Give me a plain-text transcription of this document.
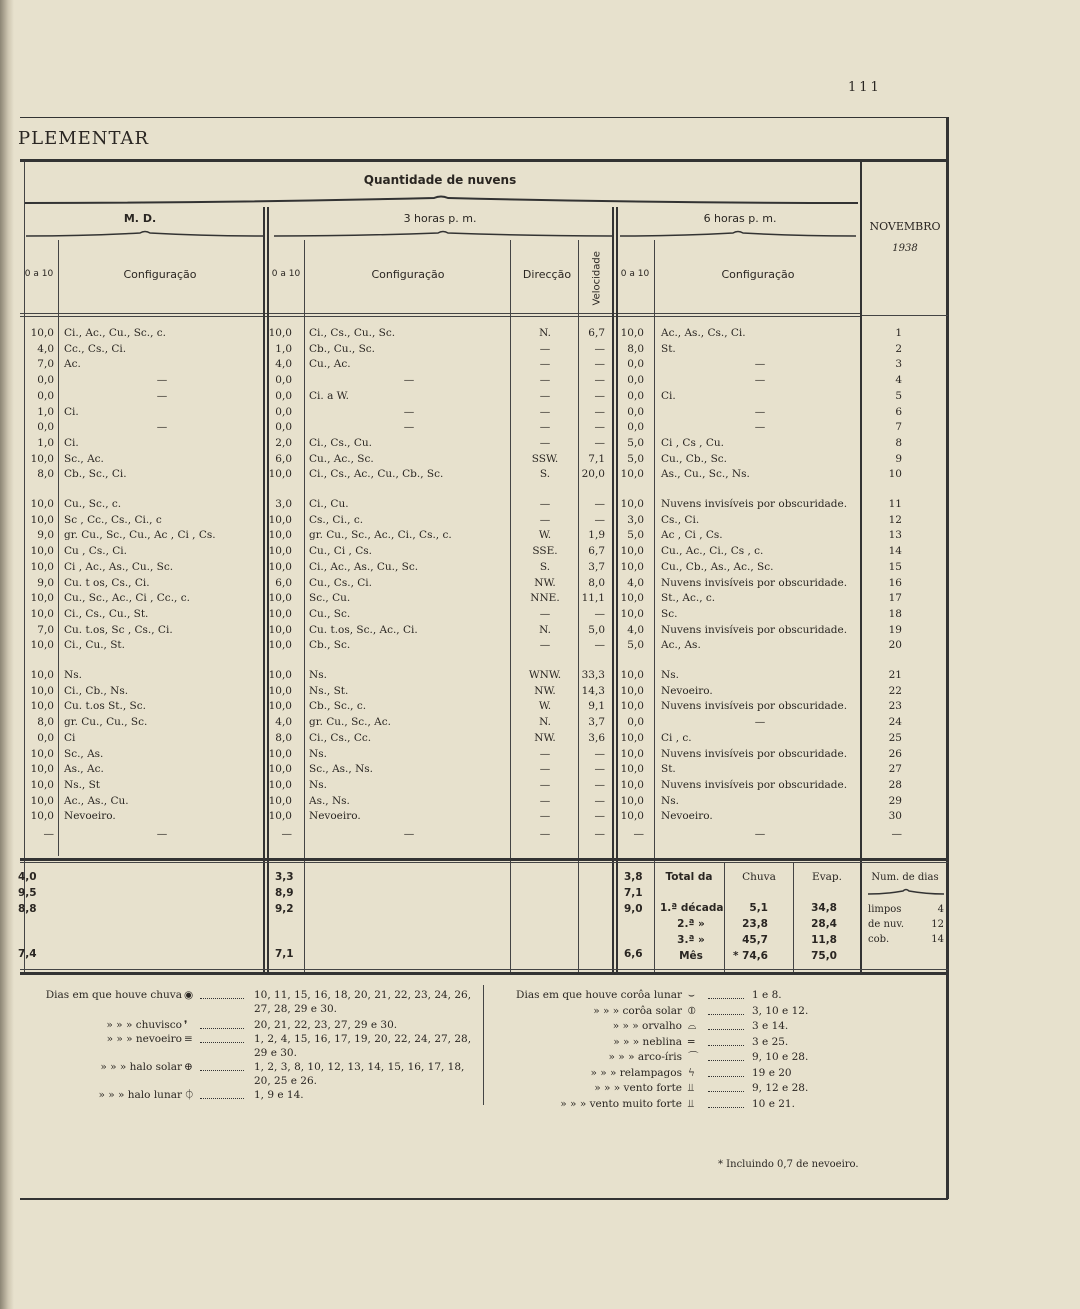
111
PLEMENTAR
Quantidade de nuvens
M. D.	3 horas p. m.	6 horas p. m.
0 a 10	Configuração	0 a 10	Configuração	Direcção	Velocidade	0 a 10	Configuração
NOVEMBRO
1938
10,0 Ci., Ac., Cu., Sc., c.	10,0 Ci., Cs., Cu., Sc.	N.	6,7	10,0 Ac., As., Cs., Ci.	1
4,0 Cc., Cs., Ci.	1,0 Cb., Cu., Sc.	—	—	8,0 St.	2
7,0 Ac.	4,0 Cu., Ac.	—	—	0,0	—	3
0,0	—	0,0	—	—	—	0,0	—	4
0,0	—	0,0 Ci. a W.	—	—	0,0 Ci.	5
1,0 Ci.	0,0	—	—	—	0,0	—	6
0,0	—	0,0	—	—	—	0,0	—	7
1,0 Ci.	2,0 Ci., Cs., Cu.	—	—	5,0 Ci , Cs , Cu.	8
10,0 Sc., Ac.	6,0 Cu., Ac., Sc.	SSW.	7,1	5,0 Cu., Cb., Sc.	9
8,0 Cb., Sc., Ci.	10,0 Ci., Cs., Ac., Cu., Cb., Sc.	S.	20,0	10,0 As., Cu., Sc., Ns.	10
10,0 Cu., Sc., c.	3,0 Ci., Cu.	—	—	10,0 Nuvens invisíveis por obscuridade.	11
10,0 Sc , Cc., Cs., Ci., c	10,0 Cs., Ci., c.	—	—	3,0 Cs., Ci.	12
9,0 gr. Cu., Sc., Cu., Ac , Ci , Cs.	10,0 gr. Cu., Sc., Ac., Ci., Cs., c.	W.	1,9	5,0 Ac , Ci , Cs.	13
10,0 Cu , Cs., Ci.	10,0 Cu., Ci , Cs.	SSE.	6,7	10,0 Cu., Ac., Ci., Cs , c.	14
10,0 Ci , Ac., As., Cu., Sc.	10,0 Ci., Ac., As., Cu., Sc.	S.	3,7	10,0 Cu., Cb., As., Ac., Sc.	15
9,0 Cu. t os, Cs., Ci.	6,0 Cu., Cs., Ci.	NW.	8,0	4,0 Nuvens invisíveis por obscuridade.	16
10,0 Cu., Sc., Ac., Ci , Cc., c.	10,0 Sc., Cu.	NNE.	11,1	10,0 St., Ac., c.	17
10,0 Ci., Cs., Cu., St.	10,0 Cu., Sc.	—	—	10,0 Sc.	18
7,0 Cu. t.os, Sc , Cs., Ci.	10,0 Cu. t.os, Sc., Ac., Ci.	N.	5,0	4,0 Nuvens invisíveis por obscuridade.	19
10,0 Ci., Cu., St.	10,0 Cb., Sc.	—	—	5,0 Ac., As.	20
10,0 Ns.	10,0 Ns.	WNW.	33,3	10,0 Ns.	21
10,0 Ci., Cb., Ns.	10,0 Ns., St.	NW.	14,3	10,0 Nevoeiro.	22
10,0 Cu. t.os St., Sc.	10,0 Cb., Sc., c.	W.	9,1	10,0 Nuvens invisíveis por obscuridade.	23
8,0 gr. Cu., Cu., Sc.	4,0 gr. Cu., Sc., Ac.	N.	3,7	0,0	—	24
0,0 Ci	8,0 Ci., Cs., Cc.	NW.	3,6	10,0 Ci , c.	25
10,0 Sc., As.	10,0 Ns.	—	—	10,0 Nuvens invisíveis por obscuridade.	26
10,0 As., Ac.	10,0 Sc., As., Ns.	—	—	10,0 St.	27
10,0 Ns., St	10,0 Ns.	—	—	10,0 Nuvens invisíveis por obscuridade.	28
10,0 Ac., As., Cu.	10,0 As., Ns.	—	—	10,0 Ns.	29
10,0 Nevoeiro.	10,0 Nevoeiro.	—	—	10,0 Nevoeiro.	30
—	—	—	—	—	—	—	—	—
4,0	3,3	3,8
9,5	8,9	7,1
8,8	9,2	9,0
7,4	7,1	6,6
Total da	Chuva	Evap.
1.ª década	5,1	34,8
2.ª »	23,8	28,4
3.ª »	45,7	11,8
Mês	* 74,6	75,0
limpos	4
de nuv.	12
cob.	14
Num. de dias
Dias em que houve chuva ◉	10, 11, 15, 16, 18, 20, 21, 22, 23, 24, 26,
27, 28, 29 e 30.
» » » chuvisco ❜	20, 21, 22, 23, 27, 29 e 30.
» » » nevoeiro ≡	1, 2, 4, 15, 16, 17, 19, 20, 22, 24, 27, 28,
29 e 30.
» » » halo solar ⊕	1, 2, 3, 8, 10, 12, 13, 14, 15, 16, 17, 18,
20, 25 e 26.
» » » halo lunar ⏀	1, 9 e 14.
Dias em que houve corôa lunar ⌣	1 e 8.
» » » corôa solar ⦶	3, 10 e 12.
» » » orvalho ⌓	3 e 14.
» » » neblina ═	3 e 25.
» » » arco-íris ⌒	9, 10 e 28.
» » » relampagos ϟ	19 e 20
» » » vento forte ⫫	9, 12 e 28.
» » » vento muito forte ⫫	10 e 21.
* Incluindo 0,7 de nevoeiro.
